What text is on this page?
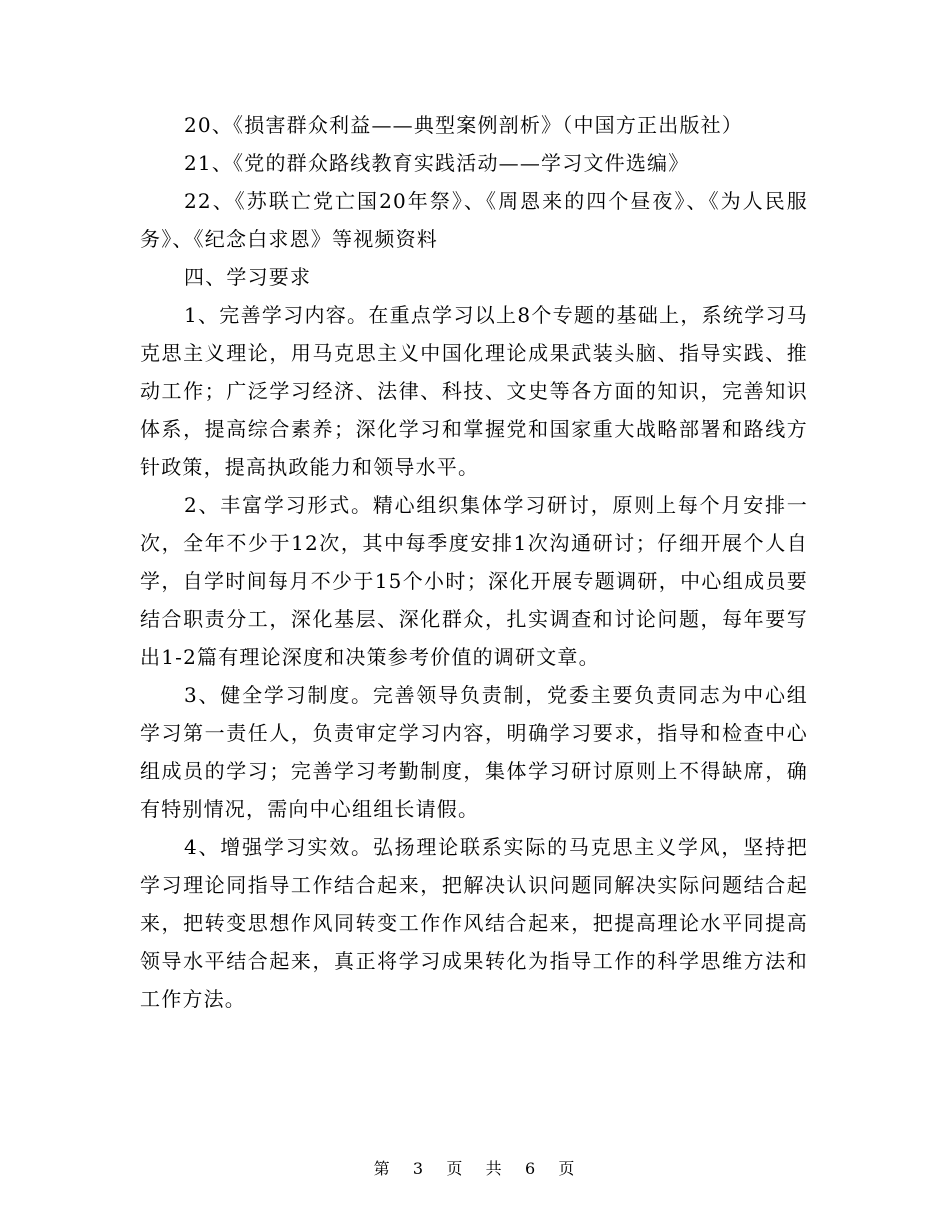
20、《损害群众利益——典型案例剖析》（中国方正出版社）

21、《党的群众路线教育实践活动——学习文件选编》

22、《苏联亡党亡国20年祭》、《周恩来的四个昼夜》、《为人民服务》、《纪念白求恩》等视频资料

四、学习要求

1、完善学习内容。在重点学习以上8个专题的基础上，系统学习马克思主义理论，用马克思主义中国化理论成果武装头脑、指导实践、推动工作；广泛学习经济、法律、科技、文史等各方面的知识，完善知识体系，提高综合素养；深化学习和掌握党和国家重大战略部署和路线方针政策，提高执政能力和领导水平。

2、丰富学习形式。精心组织集体学习研讨，原则上每个月安排一次，全年不少于12次，其中每季度安排1次沟通研讨；仔细开展个人自学，自学时间每月不少于15个小时；深化开展专题调研，中心组成员要结合职责分工，深化基层、深化群众，扎实调查和讨论问题，每年要写出1-2篇有理论深度和决策参考价值的调研文章。

3、健全学习制度。完善领导负责制，党委主要负责同志为中心组学习第一责任人，负责审定学习内容，明确学习要求，指导和检查中心组成员的学习；完善学习考勤制度，集体学习研讨原则上不得缺席，确有特别情况，需向中心组组长请假。

4、增强学习实效。弘扬理论联系实际的马克思主义学风，坚持把学习理论同指导工作结合起来，把解决认识问题同解决实际问题结合起来，把转变思想作风同转变工作作风结合起来，把提高理论水平同提高领导水平结合起来，真正将学习成果转化为指导工作的科学思维方法和工作方法。

第 3 页 共 6 页
